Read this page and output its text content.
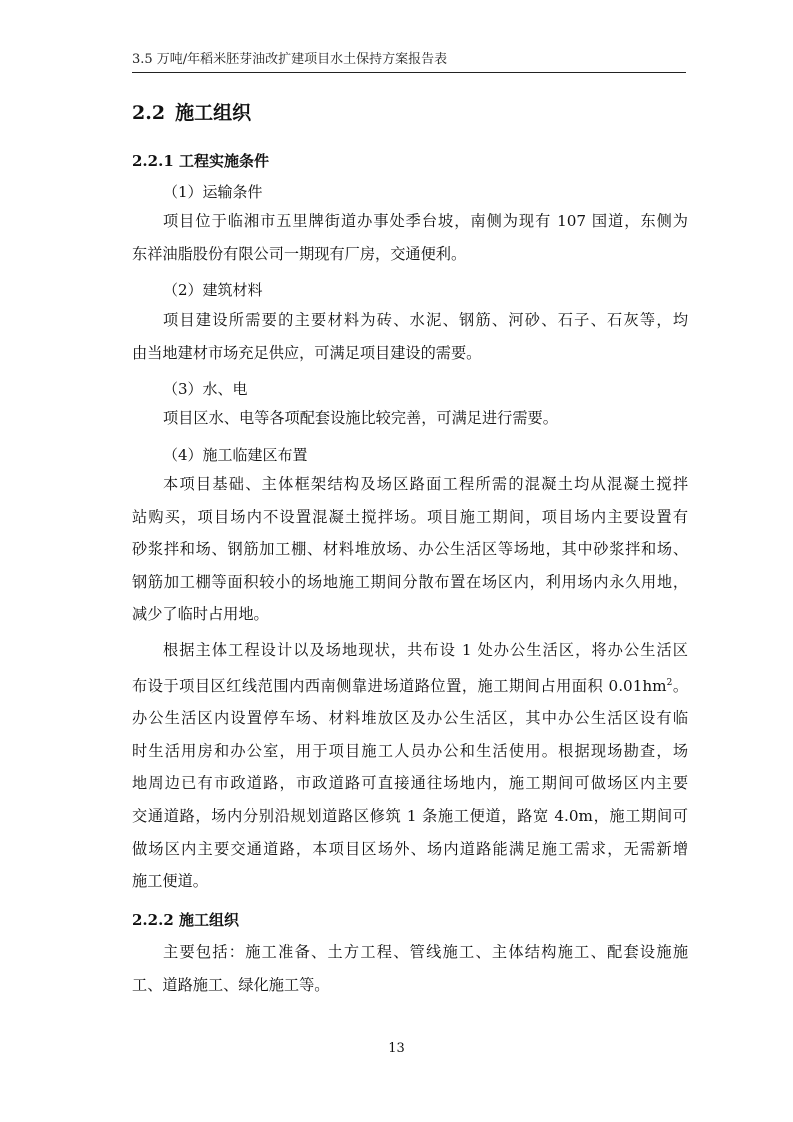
3.5 万吨/年稻米胚芽油改扩建项目水土保持方案报告表
2.2 施工组织
2.2.1 工程实施条件
（1）运输条件

项目位于临湘市五里牌街道办事处季台坡，南侧为现有 107 国道，东侧为
东祥油脂股份有限公司一期现有厂房，交通便利。

（2）建筑材料

项目建设所需要的主要材料为砖、水泥、钢筋、河砂、石子、石灰等，均
由当地建材市场充足供应，可满足项目建设的需要。

（3）水、电

项目区水、电等各项配套设施比较完善，可满足进行需要。

（4）施工临建区布置

本项目基础、主体框架结构及场区路面工程所需的混凝土均从混凝土搅拌
站购买，项目场内不设置混凝土搅拌场。项目施工期间，项目场内主要设置有
砂浆拌和场、钢筋加工棚、材料堆放场、办公生活区等场地，其中砂浆拌和场、
钢筋加工棚等面积较小的场地施工期间分散布置在场区内，利用场内永久用地，
减少了临时占用地。

根据主体工程设计以及场地现状，共布设 1 处办公生活区，将办公生活区
布设于项目区红线范围内西南侧靠进场道路位置，施工期间占用面积 $0.01hm^2$。
办公生活区内设置停车场、材料堆放区及办公生活区，其中办公生活区设有临
时生活用房和办公室，用于项目施工人员办公和生活使用。根据现场勘查，场
地周边已有市政道路，市政道路可直接通往场地内，施工期间可做场区内主要
交通道路，场内分别沿规划道路区修筑 1 条施工便道，路宽 4.0m，施工期间可
做场区内主要交通道路，本项目区场外、场内道路能满足施工需求，无需新增
施工便道。

2.2.2 施工组织

主要包括：施工准备、土方工程、管线施工、主体结构施工、配套设施施
工、道路施工、绿化施工等。

13
